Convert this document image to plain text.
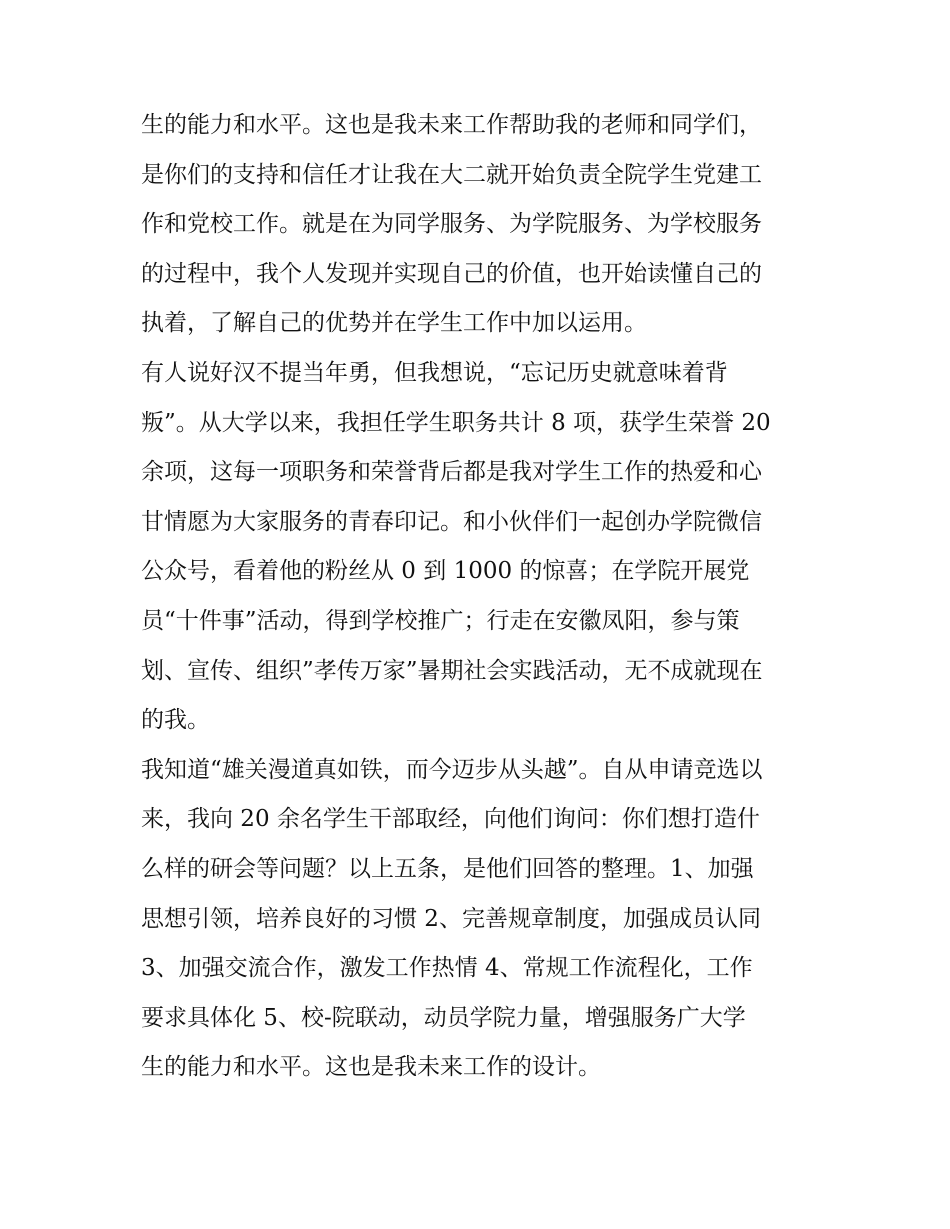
生的能力和水平。这也是我未来工作帮助我的老师和同学们，
是你们的支持和信任才让我在大二就开始负责全院学生党建工
作和党校工作。就是在为同学服务、为学院服务、为学校服务
的过程中，我个人发现并实现自己的价值，也开始读懂自己的
执着，了解自己的优势并在学生工作中加以运用。
有人说好汉不提当年勇，但我想说，“忘记历史就意味着背
叛”。从大学以来，我担任学生职务共计 8 项，获学生荣誉 20
余项，这每一项职务和荣誉背后都是我对学生工作的热爱和心
甘情愿为大家服务的青春印记。和小伙伴们一起创办学院微信
公众号，看着他的粉丝从 0 到 1000 的惊喜；在学院开展党
员“十件事”活动，得到学校推广；行走在安徽凤阳，参与策
划、宣传、组织”孝传万家”暑期社会实践活动，无不成就现在
的我。
我知道“雄关漫道真如铁，而今迈步从头越”。自从申请竞选以
来，我向 20 余名学生干部取经，向他们询问：你们想打造什
么样的研会等问题？以上五条，是他们回答的整理。1、加强
思想引领，培养良好的习惯 2、完善规章制度，加强成员认同
3、加强交流合作，激发工作热情 4、常规工作流程化，工作
要求具体化 5、校-院联动，动员学院力量，增强服务广大学
生的能力和水平。这也是我未来工作的设计。
